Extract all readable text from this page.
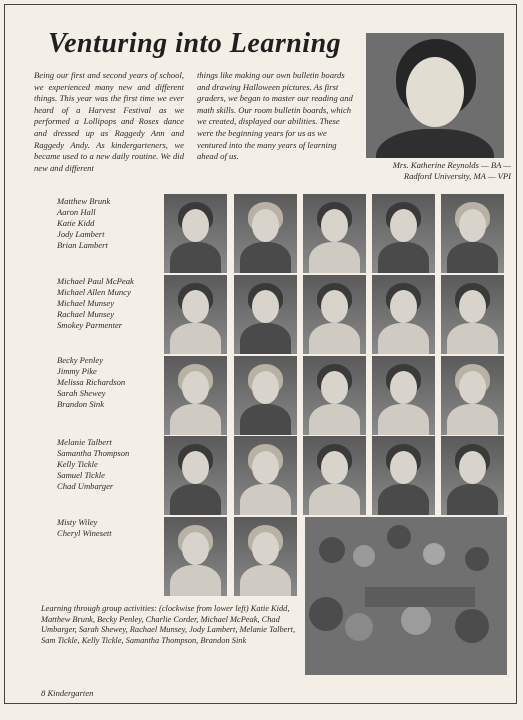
Venturing into Learning

Being our first and second years of school, we experienced many new and different things. This year was the first time we ever heard of a Harvest Festival as we performed a Lollipops and Roses dance and dressed up as Raggedy Ann and Raggedy Andy. As kindergarteners, we became used to a new daily routine. We did new and different

things like making our own bulletin boards and drawing Halloween pictures. As first graders, we began to master our reading and math skills. Our room bulletin boards, which we created, displayed our abilities. These were the beginning years for us as we ventured into the many years of learning ahead of us.

Mrs. Katherine Reynolds — BA — Radford University, MA — VPI

Matthew Brunk
Aaron Hall
Katie Kidd
Jody Lambert
Brian Lambert
Michael Paul McPeak
Michael Allen Muncy
Michael Munsey
Rachael Munsey
Smokey Parmenter
Becky Penley
Jimmy Pike
Melissa Richardson
Sarah Shewey
Brandon Sink
Melanie Talbert
Samantha Thompson
Kelly Tickle
Samuel Tickle
Chad Umbarger
Misty Wiley
Cheryl Winesett

Learning through group activities: (clockwise from lower left) Katie Kidd, Matthew Brunk, Becky Penley, Charlie Corder, Michael McPeak, Chad Umbarger, Sarah Shewey, Rachael Munsey, Jody Lambert, Melanie Talbert, Sam Tickle, Kelly Tickle, Samantha Thompson, Brandon Sink

8 Kindergarten
